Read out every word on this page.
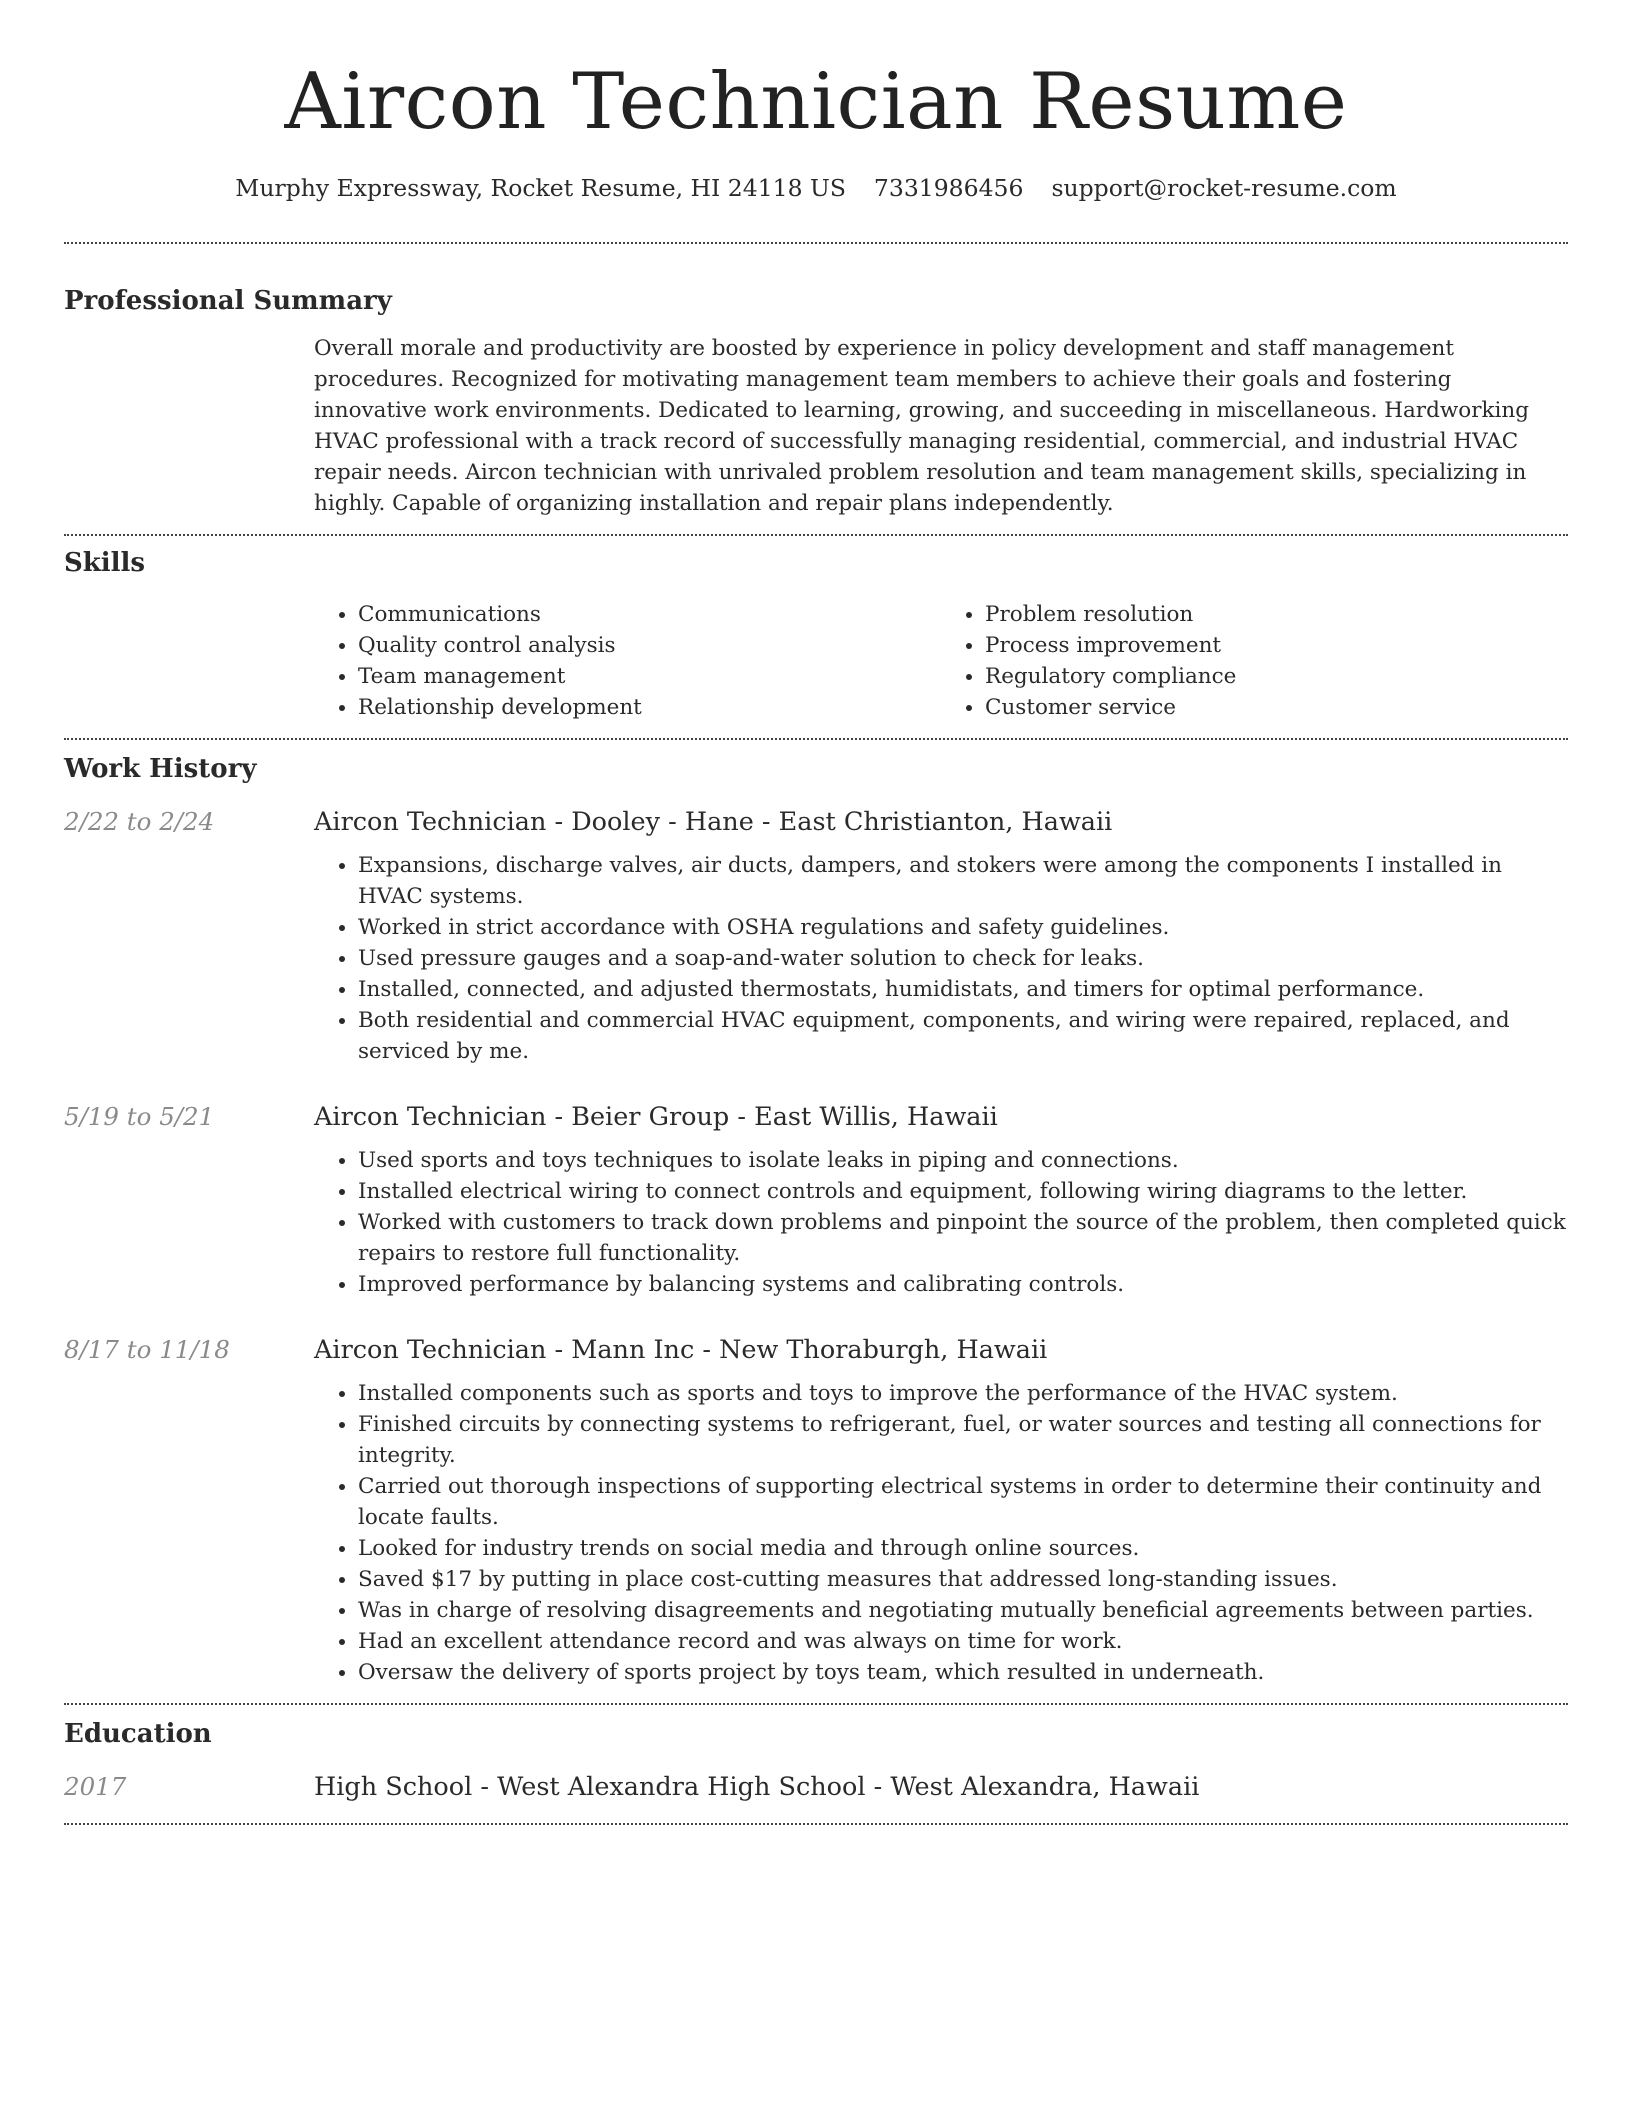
Aircon Technician Resume
Murphy Expressway, Rocket Resume, HI 24118 US 7331986456 support@rocket-resume.com
Professional Summary
Overall morale and productivity are boosted by experience in policy development and staff management procedures. Recognized for motivating management team members to achieve their goals and fostering innovative work environments. Dedicated to learning, growing, and succeeding in miscellaneous. Hardworking HVAC professional with a track record of successfully managing residential, commercial, and industrial HVAC repair needs. Aircon technician with unrivaled problem resolution and team management skills, specializing in highly. Capable of organizing installation and repair plans independently.
Skills
• Communications
• Quality control analysis
• Team management
• Relationship development
• Problem resolution
• Process improvement
• Regulatory compliance
• Customer service
Work History
2/22 to 2/24	Aircon Technician - Dooley - Hane - East Christianton, Hawaii
• Expansions, discharge valves, air ducts, dampers, and stokers were among the components I installed in HVAC systems.
• Worked in strict accordance with OSHA regulations and safety guidelines.
• Used pressure gauges and a soap-and-water solution to check for leaks.
• Installed, connected, and adjusted thermostats, humidistats, and timers for optimal performance.
• Both residential and commercial HVAC equipment, components, and wiring were repaired, replaced, and serviced by me.
5/19 to 5/21	Aircon Technician - Beier Group - East Willis, Hawaii
• Used sports and toys techniques to isolate leaks in piping and connections.
• Installed electrical wiring to connect controls and equipment, following wiring diagrams to the letter.
• Worked with customers to track down problems and pinpoint the source of the problem, then completed quick repairs to restore full functionality.
• Improved performance by balancing systems and calibrating controls.
8/17 to 11/18	Aircon Technician - Mann Inc - New Thoraburgh, Hawaii
• Installed components such as sports and toys to improve the performance of the HVAC system.
• Finished circuits by connecting systems to refrigerant, fuel, or water sources and testing all connections for integrity.
• Carried out thorough inspections of supporting electrical systems in order to determine their continuity and locate faults.
• Looked for industry trends on social media and through online sources.
• Saved $17 by putting in place cost-cutting measures that addressed long-standing issues.
• Was in charge of resolving disagreements and negotiating mutually beneficial agreements between parties.
• Had an excellent attendance record and was always on time for work.
• Oversaw the delivery of sports project by toys team, which resulted in underneath.
Education
2017	High School - West Alexandra High School - West Alexandra, Hawaii
